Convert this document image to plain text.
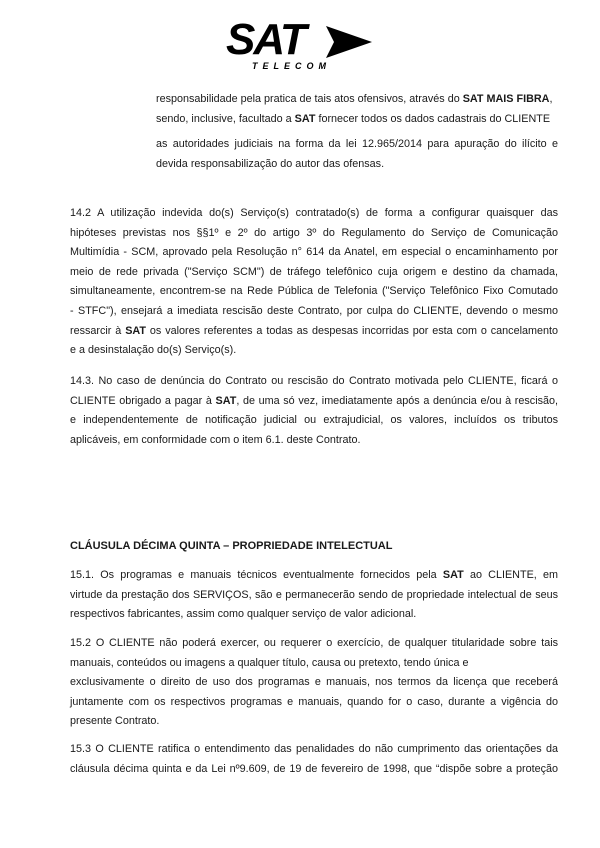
SAT
TELECOM
responsabilidade pela pratica de tais atos ofensivos, através do SAT MAIS FIBRA,
sendo, inclusive, facultado a SAT fornecer todos os dados cadastrais do CLIENTE
as autoridades judiciais na forma da lei 12.965/2014 para apuração do ilícito e
devida responsabilização do autor das ofensas.
14.2 A utilização indevida do(s) Serviço(s) contratado(s) de forma a configurar quaisquer das
hipóteses previstas nos §§1º e 2º do artigo 3º do Regulamento do Serviço de Comunicação
Multimídia - SCM, aprovado pela Resolução n° 614 da Anatel, em especial o encaminhamento por
meio de rede privada ("Serviço SCM") de tráfego telefônico cuja origem e destino da chamada,
simultaneamente, encontrem-se na Rede Pública de Telefonia ("Serviço Telefônico Fixo Comutado
- STFC"), ensejará a imediata rescisão deste Contrato, por culpa do CLIENTE, devendo o mesmo
ressarcir à SAT os valores referentes a todas as despesas incorridas por esta com o cancelamento
e a desinstalação do(s) Serviço(s).
14.3. No caso de denúncia do Contrato ou rescisão do Contrato motivada pelo CLIENTE, ficará o
CLIENTE obrigado a pagar à SAT, de uma só vez, imediatamente após a denúncia e/ou à rescisão,
e independentemente de notificação judicial ou extrajudicial, os valores, incluídos os tributos
aplicáveis, em conformidade com o item 6.1. deste Contrato.
CLÁUSULA DÉCIMA QUINTA – PROPRIEDADE INTELECTUAL
15.1. Os programas e manuais técnicos eventualmente fornecidos pela SAT ao CLIENTE, em
virtude da prestação dos SERVIÇOS, são e permanecerão sendo de propriedade intelectual de seus
respectivos fabricantes, assim como qualquer serviço de valor adicional.
15.2 O CLIENTE não poderá exercer, ou requerer o exercício, de qualquer titularidade sobre tais
manuais, conteúdos ou imagens a qualquer título, causa ou pretexto, tendo única e
exclusivamente o direito de uso dos programas e manuais, nos termos da licença que receberá
juntamente com os respectivos programas e manuais, quando for o caso, durante a vigência do
presente Contrato.
15.3 O CLIENTE ratifica o entendimento das penalidades do não cumprimento das orientações da
cláusula décima quinta e da Lei nº9.609, de 19 de fevereiro de 1998, que “dispõe sobre a proteção
